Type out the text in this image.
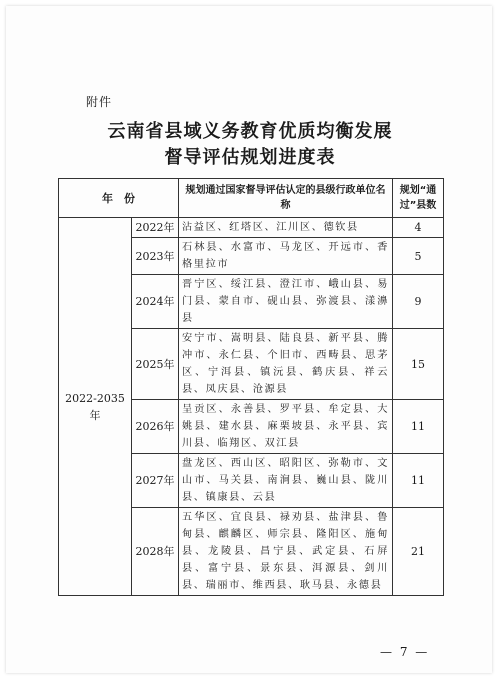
附件
云南省县域义务教育优质均衡发展
督导评估规划进度表
年　份		规划通过国家督导评估认定的县级行政单位名称	规划“通过”县数
2022-2035年	2022年	沾益区、红塔区、江川区、德钦县	4
	2023年	石林县、水富市、马龙区、开远市、香格里拉市	5
	2024年	晋宁区、绥江县、澄江市、峨山县、易门县、蒙自市、砚山县、弥渡县、漾濞县	9
	2025年	安宁市、嵩明县、陆良县、新平县、腾冲市、永仁县、个旧市、西畴县、思茅区、宁洱县、镇沅县、鹤庆县、祥云县、凤庆县、沧源县	15
	2026年	呈贡区、永善县、罗平县、牟定县、大姚县、建水县、麻栗坡县、永平县、宾川县、临翔区、双江县	11
	2027年	盘龙区、西山区、昭阳区、弥勒市、文山市、马关县、南涧县、巍山县、陇川县、镇康县、云县	11
	2028年	五华区、宜良县、禄劝县、盐津县、鲁甸县、麒麟区、师宗县、隆阳区、施甸县、龙陵县、昌宁县、武定县、石屏县、富宁县、景东县、洱源县、剑川县、瑞丽市、维西县、耿马县、永德县	21
— 7 —
